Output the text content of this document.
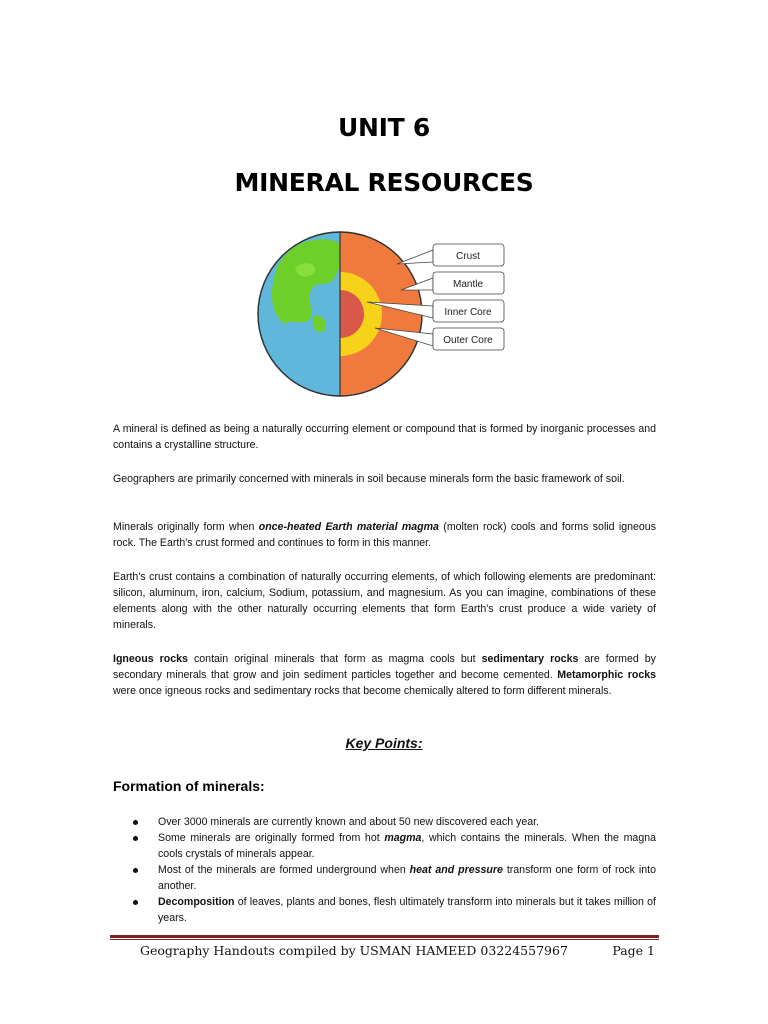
UNIT 6
MINERAL RESOURCES
Crust
Mantle
Inner Core
Outer Core
A mineral is defined as being a naturally occurring element or compound that is formed by inorganic processes and contains a crystalline structure.
Geographers are primarily concerned with minerals in soil because minerals form the basic framework of soil.
Minerals originally form when once-heated Earth material magma (molten rock) cools and forms solid igneous rock. The Earth's crust formed and continues to form in this manner.
Earth's crust contains a combination of naturally occurring elements, of which following elements are predominant: silicon, aluminum, iron, calcium, Sodium, potassium, and magnesium. As you can imagine, combinations of these elements along with the other naturally occurring elements that form Earth's crust produce a wide variety of minerals.
Igneous rocks contain original minerals that form as magma cools but sedimentary rocks are formed by secondary minerals that grow and join sediment particles together and become cemented. Metamorphic rocks were once igneous rocks and sedimentary rocks that become chemically altered to form different minerals.
Key Points:
Formation of minerals:
Over 3000 minerals are currently known and about 50 new discovered each year.
Some minerals are originally formed from hot magma, which contains the minerals. When the magna cools crystals of minerals appear.
Most of the minerals are formed underground when heat and pressure transform one form of rock into another.
Decomposition of leaves, plants and bones, flesh ultimately transform into minerals but it takes million of years.
Geography Handouts compiled by USMAN HAMEED 03224557967	Page 1
